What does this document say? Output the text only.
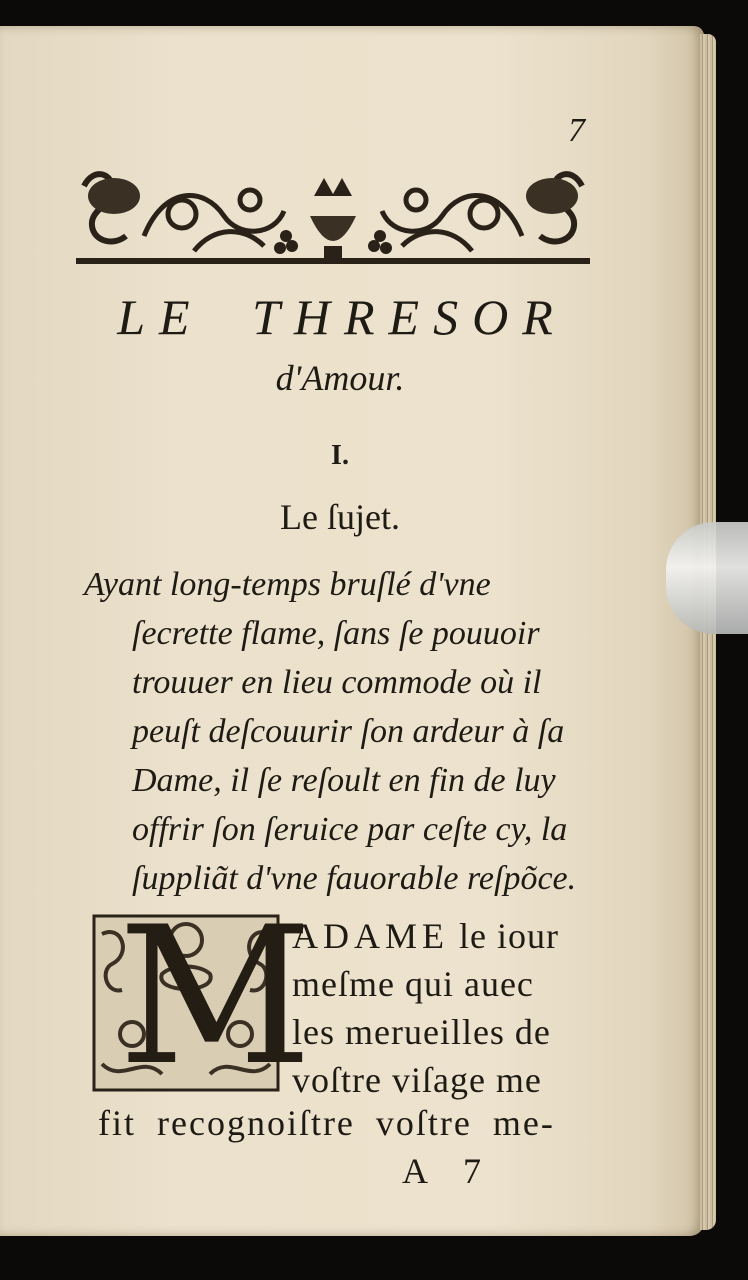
7
LE THRESOR
d'Amour.
I.
Le ſujet.
Ayant long-temps bruſlé d'vne
ſecrette flame, ſans ſe pouuoir
trouuer en lieu commode où il
peuſt deſcouurir ſon ardeur à ſa
Dame, il ſe reſoult en fin de luy
offrir ſon ſeruice par ceſte cy, la
ſuppliãt d'vne fauorable reſpõce.
M
ADAME le iour
meſme qui auec
les merueilles de
voſtre viſage me
fit recognoiſtre voſtre me-
A 7
